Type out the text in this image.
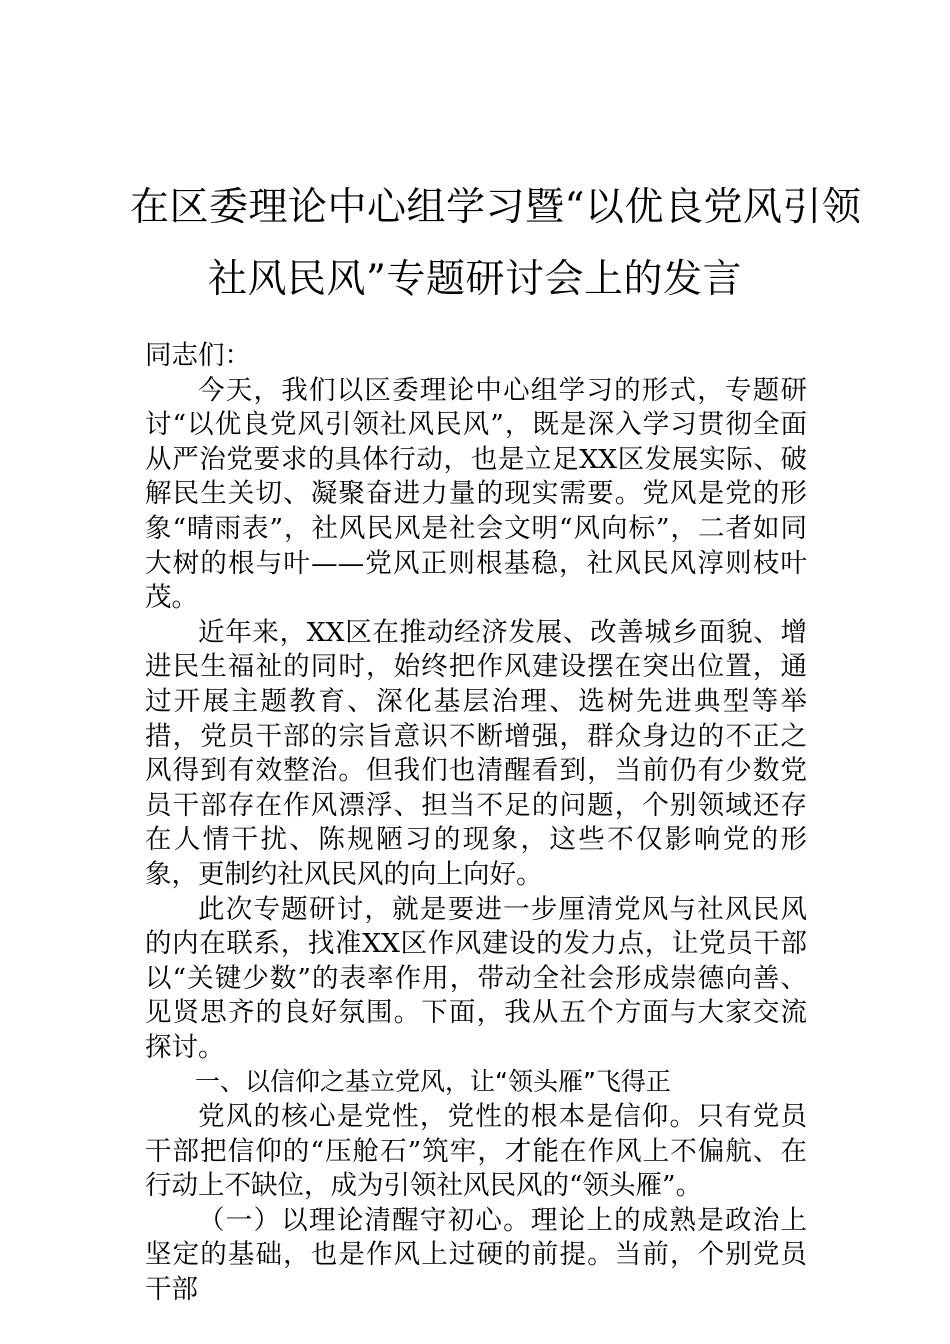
在区委理论中心组学习暨“以优良党风引领
社风民风”专题研讨会上的发言

同志们：

今天，我们以区委理论中心组学习的形式，专题研讨“以优良党风引领社风民风”，既是深入学习贯彻全面从严治党要求的具体行动，也是立足XX区发展实际、破解民生关切、凝聚奋进力量的现实需要。党风是党的形象“晴雨表”，社风民风是社会文明“风向标”，二者如同大树的根与叶——党风正则根基稳，社风民风淳则枝叶茂。

近年来，XX区在推动经济发展、改善城乡面貌、增进民生福祉的同时，始终把作风建设摆在突出位置，通过开展主题教育、深化基层治理、选树先进典型等举措，党员干部的宗旨意识不断增强，群众身边的不正之风得到有效整治。但我们也清醒看到，当前仍有少数党员干部存在作风漂浮、担当不足的问题，个别领域还存在人情干扰、陈规陋习的现象，这些不仅影响党的形象，更制约社风民风的向上向好。

此次专题研讨，就是要进一步厘清党风与社风民风的内在联系，找准XX区作风建设的发力点，让党员干部以“关键少数”的表率作用，带动全社会形成崇德向善、见贤思齐的良好氛围。下面，我从五个方面与大家交流探讨。

一、以信仰之基立党风，让“领头雁”飞得正

党风的核心是党性，党性的根本是信仰。只有党员干部把信仰的“压舱石”筑牢，才能在作风上不偏航、在行动上不缺位，成为引领社风民风的“领头雁”。

（一）以理论清醒守初心。理论上的成熟是政治上坚定的基础，也是作风上过硬的前提。当前，个别党员干部
